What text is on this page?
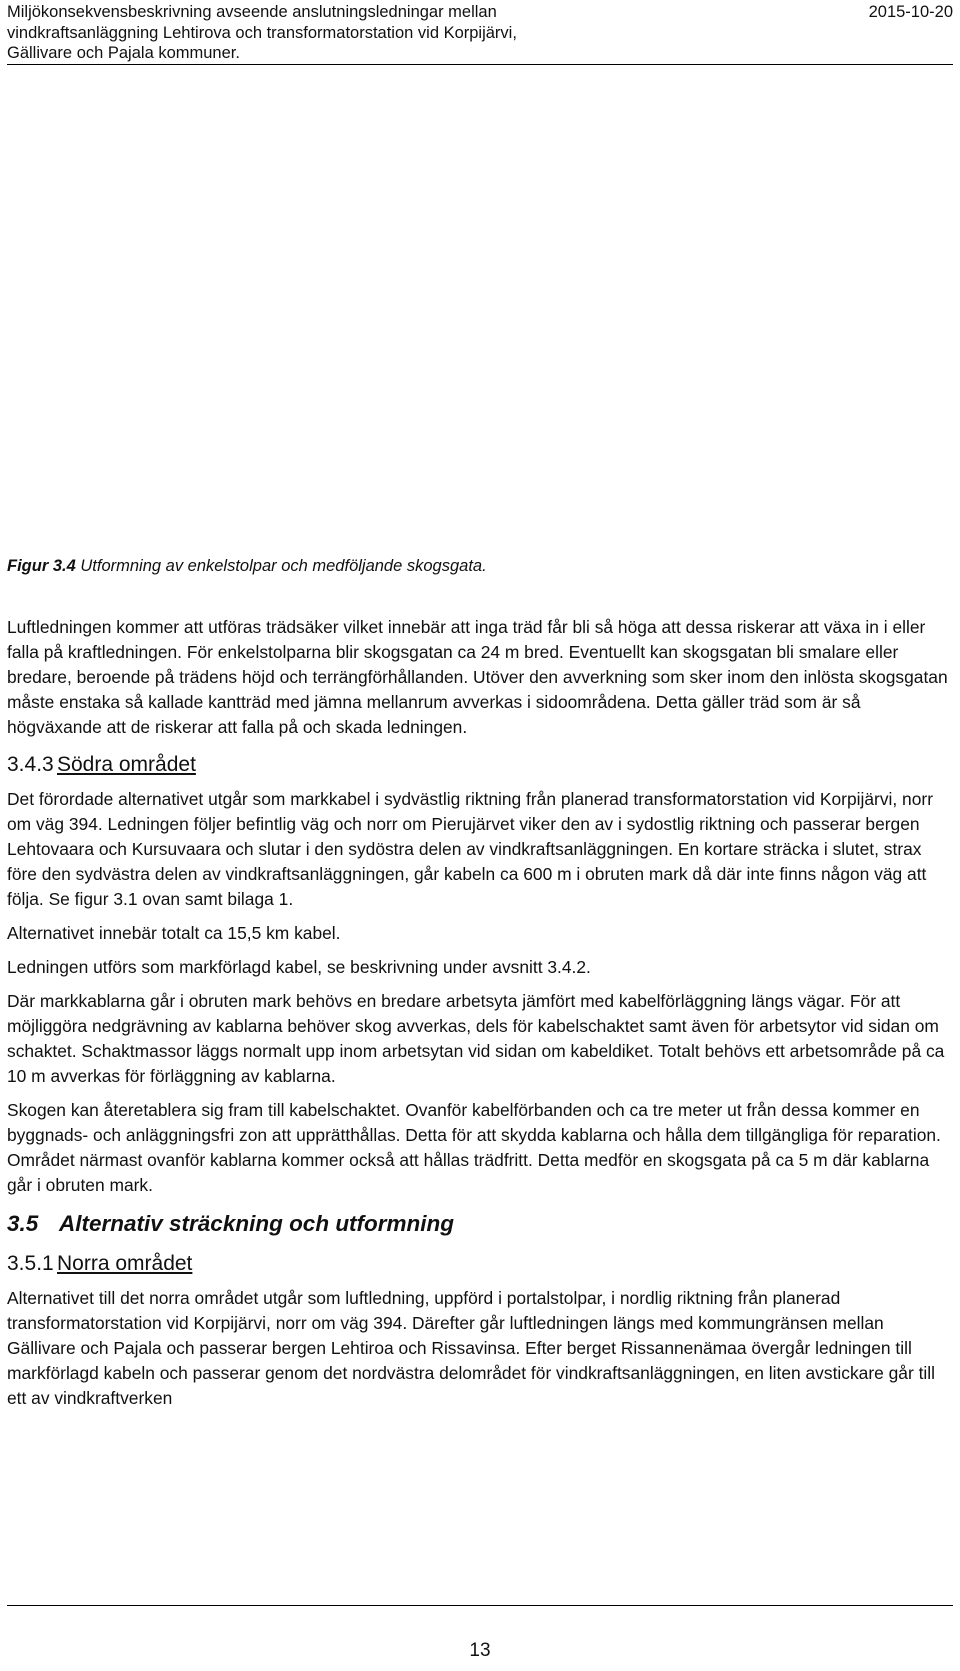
Miljökonsekvensbeskrivning avseende anslutningsledningar mellan
vindkraftsanläggning Lehtirova och transformatorstation vid Korpijärvi,
Gällivare och Pajala kommuner.
2015-10-20
Figur 3.4 Utformning av enkelstolpar och medföljande skogsgata.

Luftledningen kommer att utföras trädsäker vilket innebär att inga träd får bli så höga att dessa riskerar att växa in i eller falla på kraftledningen. För enkelstolparna blir skogsgatan ca 24 m bred. Eventuellt kan skogsgatan bli smalare eller bredare, beroende på trädens höjd och terrängförhållanden. Utöver den avverkning som sker inom den inlösta skogsgatan måste enstaka så kallade kantträd med jämna mellanrum avverkas i sidoområdena. Detta gäller träd som är så högväxande att de riskerar att falla på och skada ledningen.

3.4.3 Södra området

Det förordade alternativet utgår som markkabel i sydvästlig riktning från planerad transformatorstation vid Korpijärvi, norr om väg 394. Ledningen följer befintlig väg och norr om Pierujärvet viker den av i sydostlig riktning och passerar bergen Lehtovaara och Kursuvaara och slutar i den sydöstra delen av vindkraftsanläggningen. En kortare sträcka i slutet, strax före den sydvästra delen av vindkraftsanläggningen, går kabeln ca 600 m i obruten mark då där inte finns någon väg att följa. Se figur 3.1 ovan samt bilaga 1.

Alternativet innebär totalt ca 15,5 km kabel.

Ledningen utförs som markförlagd kabel, se beskrivning under avsnitt 3.4.2.

Där markkablarna går i obruten mark behövs en bredare arbetsyta jämfört med kabelförläggning längs vägar. För att möjliggöra nedgrävning av kablarna behöver skog avverkas, dels för kabelschaktet samt även för arbetsytor vid sidan om schaktet. Schaktmassor läggs normalt upp inom arbetsytan vid sidan om kabeldiket. Totalt behövs ett arbetsområde på ca 10 m avverkas för förläggning av kablarna.

Skogen kan återetablera sig fram till kabelschaktet. Ovanför kabelförbanden och ca tre meter ut från dessa kommer en byggnads- och anläggningsfri zon att upprätthållas. Detta för att skydda kablarna och hålla dem tillgängliga för reparation. Området närmast ovanför kablarna kommer också att hållas trädfritt. Detta medför en skogsgata på ca 5 m där kablarna går i obruten mark.

3.5 Alternativ sträckning och utformning

3.5.1 Norra området

Alternativet till det norra området utgår som luftledning, uppförd i portalstolpar, i nordlig riktning från planerad transformatorstation vid Korpijärvi, norr om väg 394. Därefter går luftledningen längs med kommungränsen mellan Gällivare och Pajala och passerar bergen Lehtiroa och Rissavinsa. Efter berget Rissannenämaa övergår ledningen till markförlagd kabeln och passerar genom det nordvästra delområdet för vindkraftsanläggningen, en liten avstickare går till ett av vindkraftverken

13
